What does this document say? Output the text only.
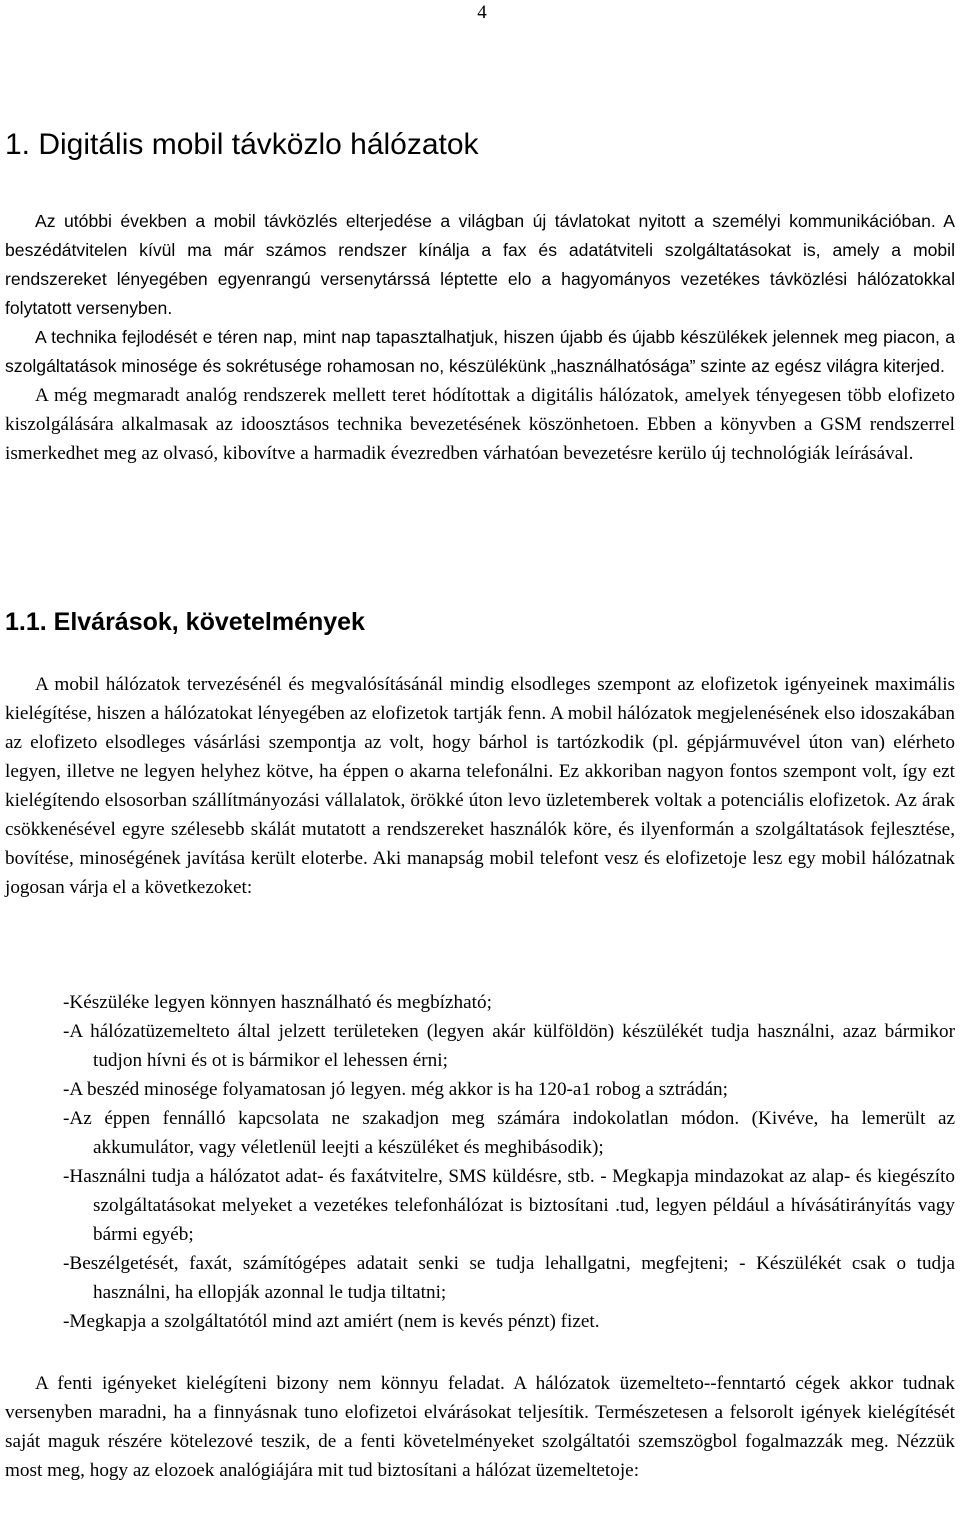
4
1. Digitális mobil távközlo hálózatok

Az utóbbi években a mobil távközlés elterjedése a világban új távlatokat nyitott a személyi kommunikációban. A beszédátvitelen kívül ma már számos rendszer kínálja a fax és adatátviteli szolgáltatásokat is, amely a mobil rendszereket lényegében egyenrangú versenytárssá léptette elo a hagyományos vezetékes távközlési hálózatokkal folytatott versenyben.

A technika fejlodését e téren nap, mint nap tapasztalhatjuk, hiszen újabb és újabb készülékek jelennek meg piacon, a szolgáltatások minosége és sokrétusége rohamosan no, készülékünk „használhatósága” szinte az egész világra kiterjed.

A még megmaradt analóg rendszerek mellett teret hódítottak a digitális hálózatok, amelyek tényegesen több elofizeto kiszolgálására alkalmasak az idoosztásos technika bevezetésének köszönhetoen. Ebben a könyvben a GSM rendszerrel ismerkedhet meg az olvasó, kibovítve a harmadik évezredben várhatóan bevezetésre kerülo új technológiák leírásával.

1.1. Elvárások, követelmények

A mobil hálózatok tervezésénél és megvalósításánál mindig elsodleges szempont az elofizetok igényeinek maximális kielégítése, hiszen a hálózatokat lényegében az elofizetok tartják fenn. A mobil hálózatok megjelenésének elso idoszakában az elofizeto elsodleges vásárlási szempontja az volt, hogy bárhol is tartózkodik (pl. gépjármuvével úton van) elérheto legyen, illetve ne legyen helyhez kötve, ha éppen o akarna telefonálni. Ez akkoriban nagyon fontos szempont volt, így ezt kielégítendo elsosorban szállítmányozási vállalatok, örökké úton levo üzletemberek voltak a potenciális elofizetok. Az árak csökkenésével egyre szélesebb skálát mutatott a rendszereket használók köre, és ilyenformán a szolgáltatások fejlesztése, bovítése, minoségének javítása került eloterbe. Aki manapság mobil telefont vesz és elofizetoje lesz egy mobil hálózatnak jogosan várja el a következoket:

-Készüléke legyen könnyen használható és megbízható;
-A hálózatüzemelteto által jelzett területeken (legyen akár külföldön) készülékét tudja használni, azaz bármikor tudjon hívni és ot is bármikor el lehessen érni;
-A beszéd minosége folyamatosan jó legyen. még akkor is ha 120-a1 robog a sztrádán;
-Az éppen fennálló kapcsolata ne szakadjon meg számára indokolatlan módon. (Kivéve, ha lemerült az akkumulátor, vagy véletlenül leejti a készüléket és meghibásodik);
-Használni tudja a hálózatot adat- és faxátvitelre, SMS küldésre, stb. - Megkapja mindazokat az alap- és kiegészíto szolgáltatásokat melyeket a vezetékes telefonhálózat is biztosítani .tud, legyen például a hívásátirányítás vagy bármi egyéb;
-Beszélgetését, faxát, számítógépes adatait senki se tudja lehallgatni, megfejteni; - Készülékét csak o tudja használni, ha ellopják azonnal le tudja tiltatni;
-Megkapja a szolgáltatótól mind azt amiért (nem is kevés pénzt) fizet.

A fenti igényeket kielégíteni bizony nem könnyu feladat. A hálózatok üzemelteto--fenntartó cégek akkor tudnak versenyben maradni, ha a finnyásnak tuno elofizetoi elvárásokat teljesítik. Természetesen a felsorolt igények kielégítését saját maguk részére kötelezové teszik, de a fenti követelményeket szolgáltatói szemszögbol fogalmazzák meg. Nézzük most meg, hogy az elozoek analógiájára mit tud biztosítani a hálózat üzemeltetoje:
